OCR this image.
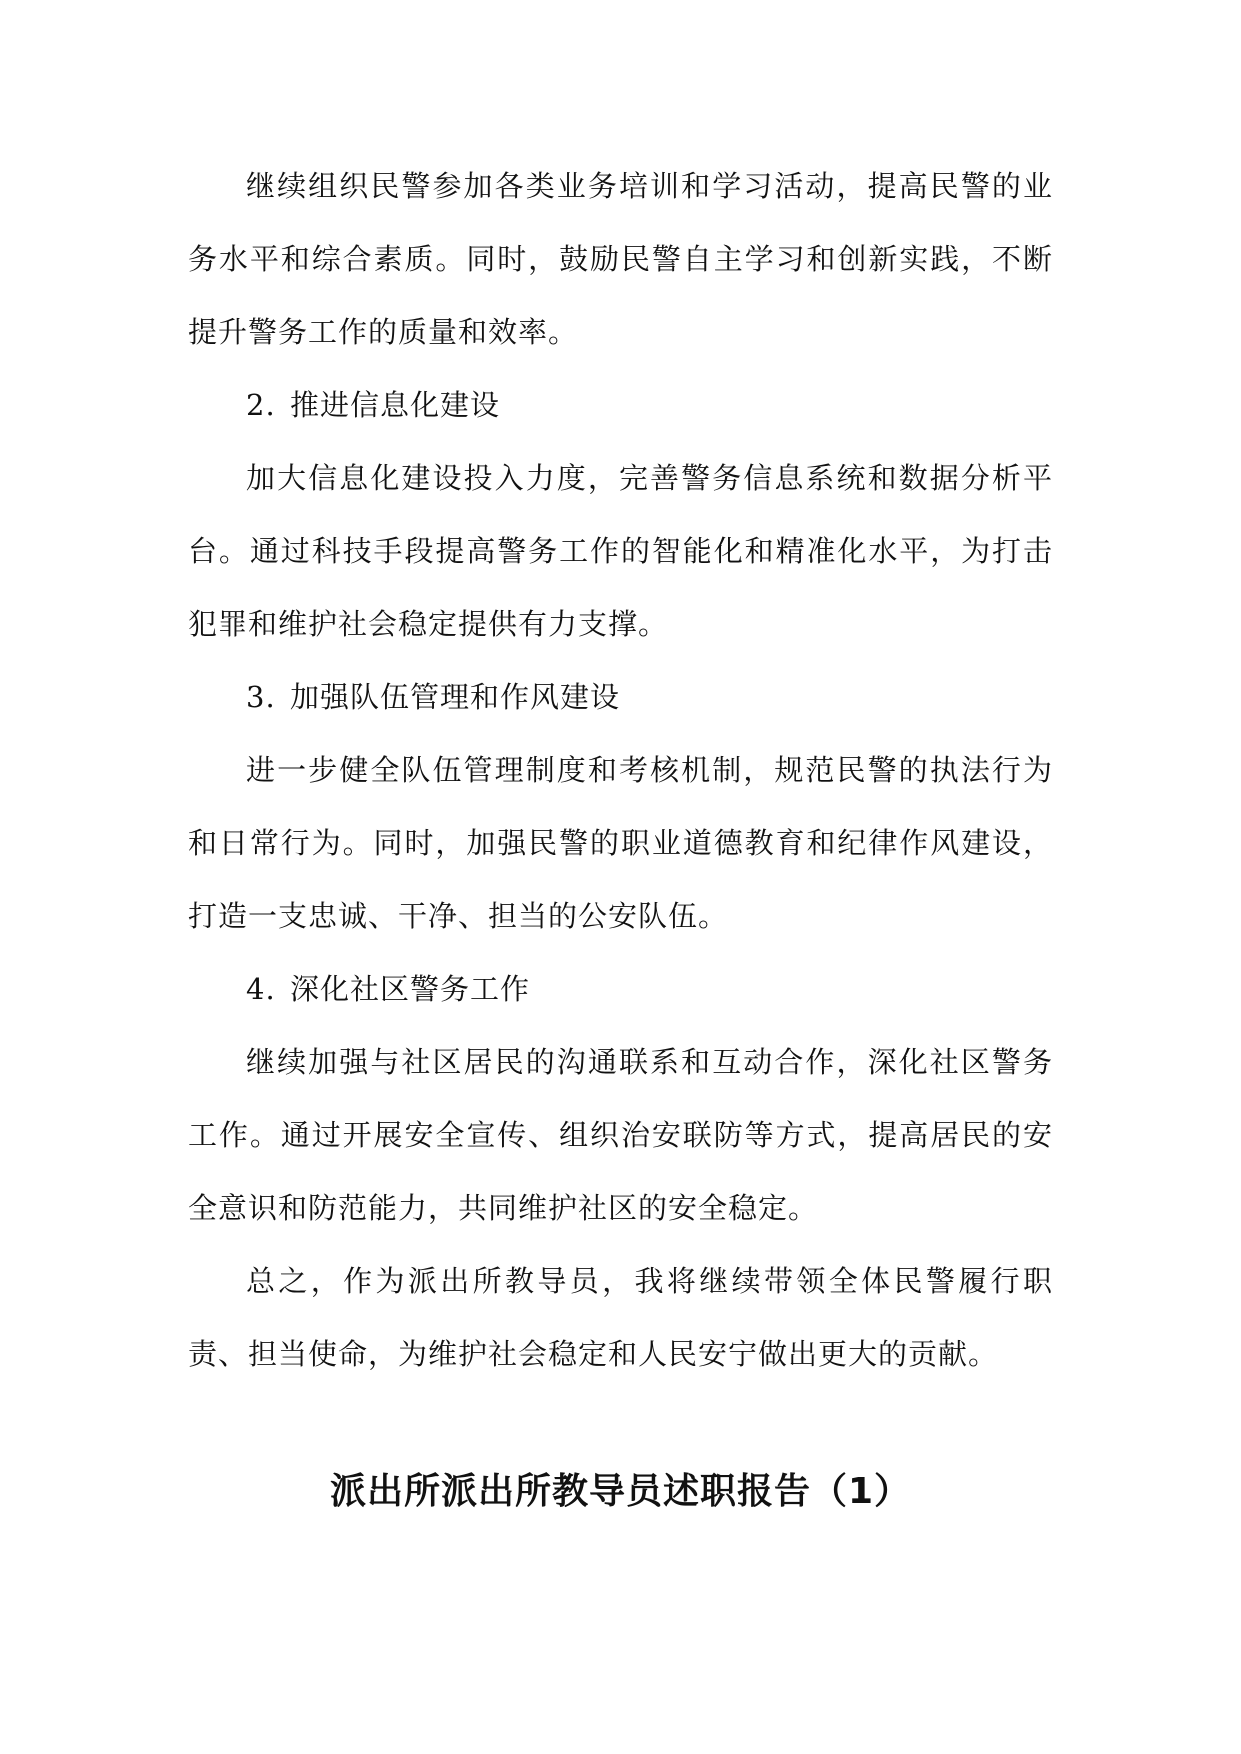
继续组织民警参加各类业务培训和学习活动，提高民警的业务水平和综合素质。同时，鼓励民警自主学习和创新实践，不断提升警务工作的质量和效率。

2. 推进信息化建设

加大信息化建设投入力度，完善警务信息系统和数据分析平台。通过科技手段提高警务工作的智能化和精准化水平，为打击犯罪和维护社会稳定提供有力支撑。

3. 加强队伍管理和作风建设

进一步健全队伍管理制度和考核机制，规范民警的执法行为和日常行为。同时，加强民警的职业道德教育和纪律作风建设，打造一支忠诚、干净、担当的公安队伍。

4. 深化社区警务工作

继续加强与社区居民的沟通联系和互动合作，深化社区警务工作。通过开展安全宣传、组织治安联防等方式，提高居民的安全意识和防范能力，共同维护社区的安全稳定。

总之，作为派出所教导员，我将继续带领全体民警履行职责、担当使命，为维护社会稳定和人民安宁做出更大的贡献。

派出所派出所教导员述职报告（1）
